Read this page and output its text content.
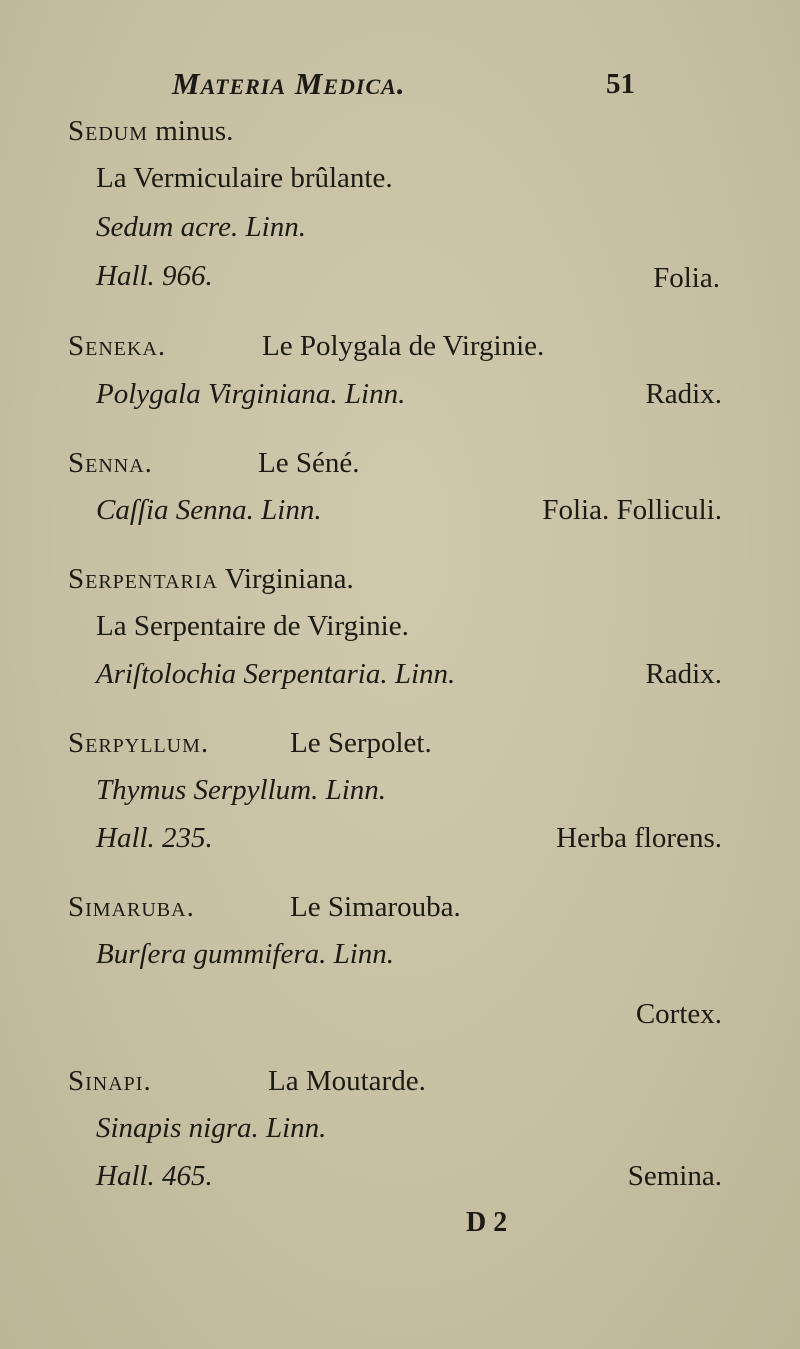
Materia Medica.	51
Sedum minus.
La Vermiculaire brûlante.
Sedum acre. Linn.
Hall. 966.	Folia.
Seneka.	Le Polygala de Virginie.
Polygala Virginiana. Linn.	Radix.
Senna.	Le Séné.
Caſſia Senna. Linn.	Folia. Folliculi.
Serpentaria Virginiana.
La Serpentaire de Virginie.
Ariſtolochia Serpentaria. Linn.	Radix.
Serpyllum.	Le Serpolet.
Thymus Serpyllum. Linn.
Hall. 235.	Herba florens.
Simaruba.	Le Simarouba.
Burſera gummifera. Linn.
Cortex.
Sinapi.	La Moutarde.
Sinapis nigra. Linn.
Hall. 465.	Semina.
D 2
